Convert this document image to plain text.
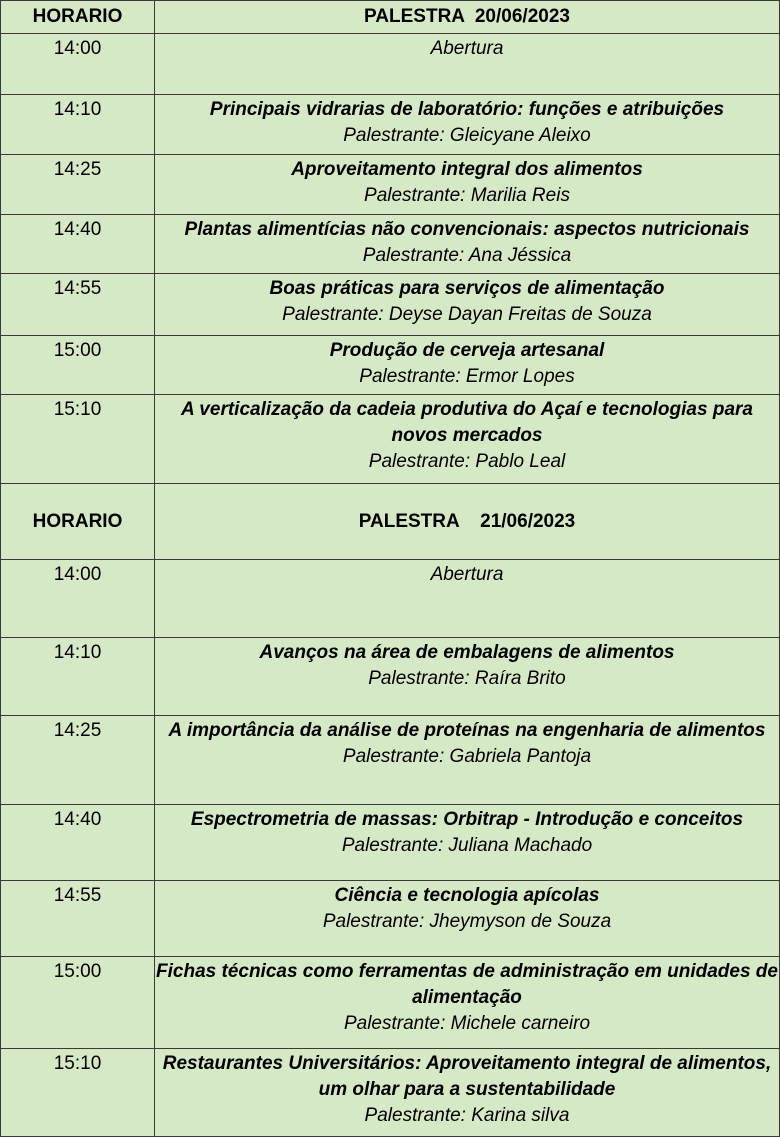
HORARIO	PALESTRA  20/06/2023
14:00	Abertura

14:10	Principais vidrarias de laboratório: funções e atribuições
Palestrante: Gleicyane Aleixo

14:25	Aproveitamento integral dos alimentos
Palestrante: Marilia Reis

14:40	Plantas alimentícias não convencionais: aspectos nutricionais
Palestrante: Ana Jéssica

14:55	Boas práticas para serviços de alimentação
Palestrante: Deyse Dayan Freitas de Souza

15:00	Produção de cerveja artesanal
Palestrante: Ermor Lopes

15:10	A verticalização da cadeia produtiva do Açaí e tecnologias para novos mercados
Palestrante: Pablo Leal

HORARIO	PALESTRA    21/06/2023
14:00	Abertura

14:10	Avanços na área de embalagens de alimentos
Palestrante: Raíra Brito

14:25	A importância da análise de proteínas na engenharia de alimentos
Palestrante: Gabriela Pantoja

14:40	Espectrometria de massas: Orbitrap - Introdução e conceitos
Palestrante: Juliana Machado

14:55	Ciência e tecnologia apícolas
Palestrante: Jheymyson de Souza

15:00	Fichas técnicas como ferramentas de administração em unidades de alimentação
Palestrante: Michele carneiro

15:10	Restaurantes Universitários: Aproveitamento integral de alimentos, um olhar para a sustentabilidade
Palestrante: Karina silva
